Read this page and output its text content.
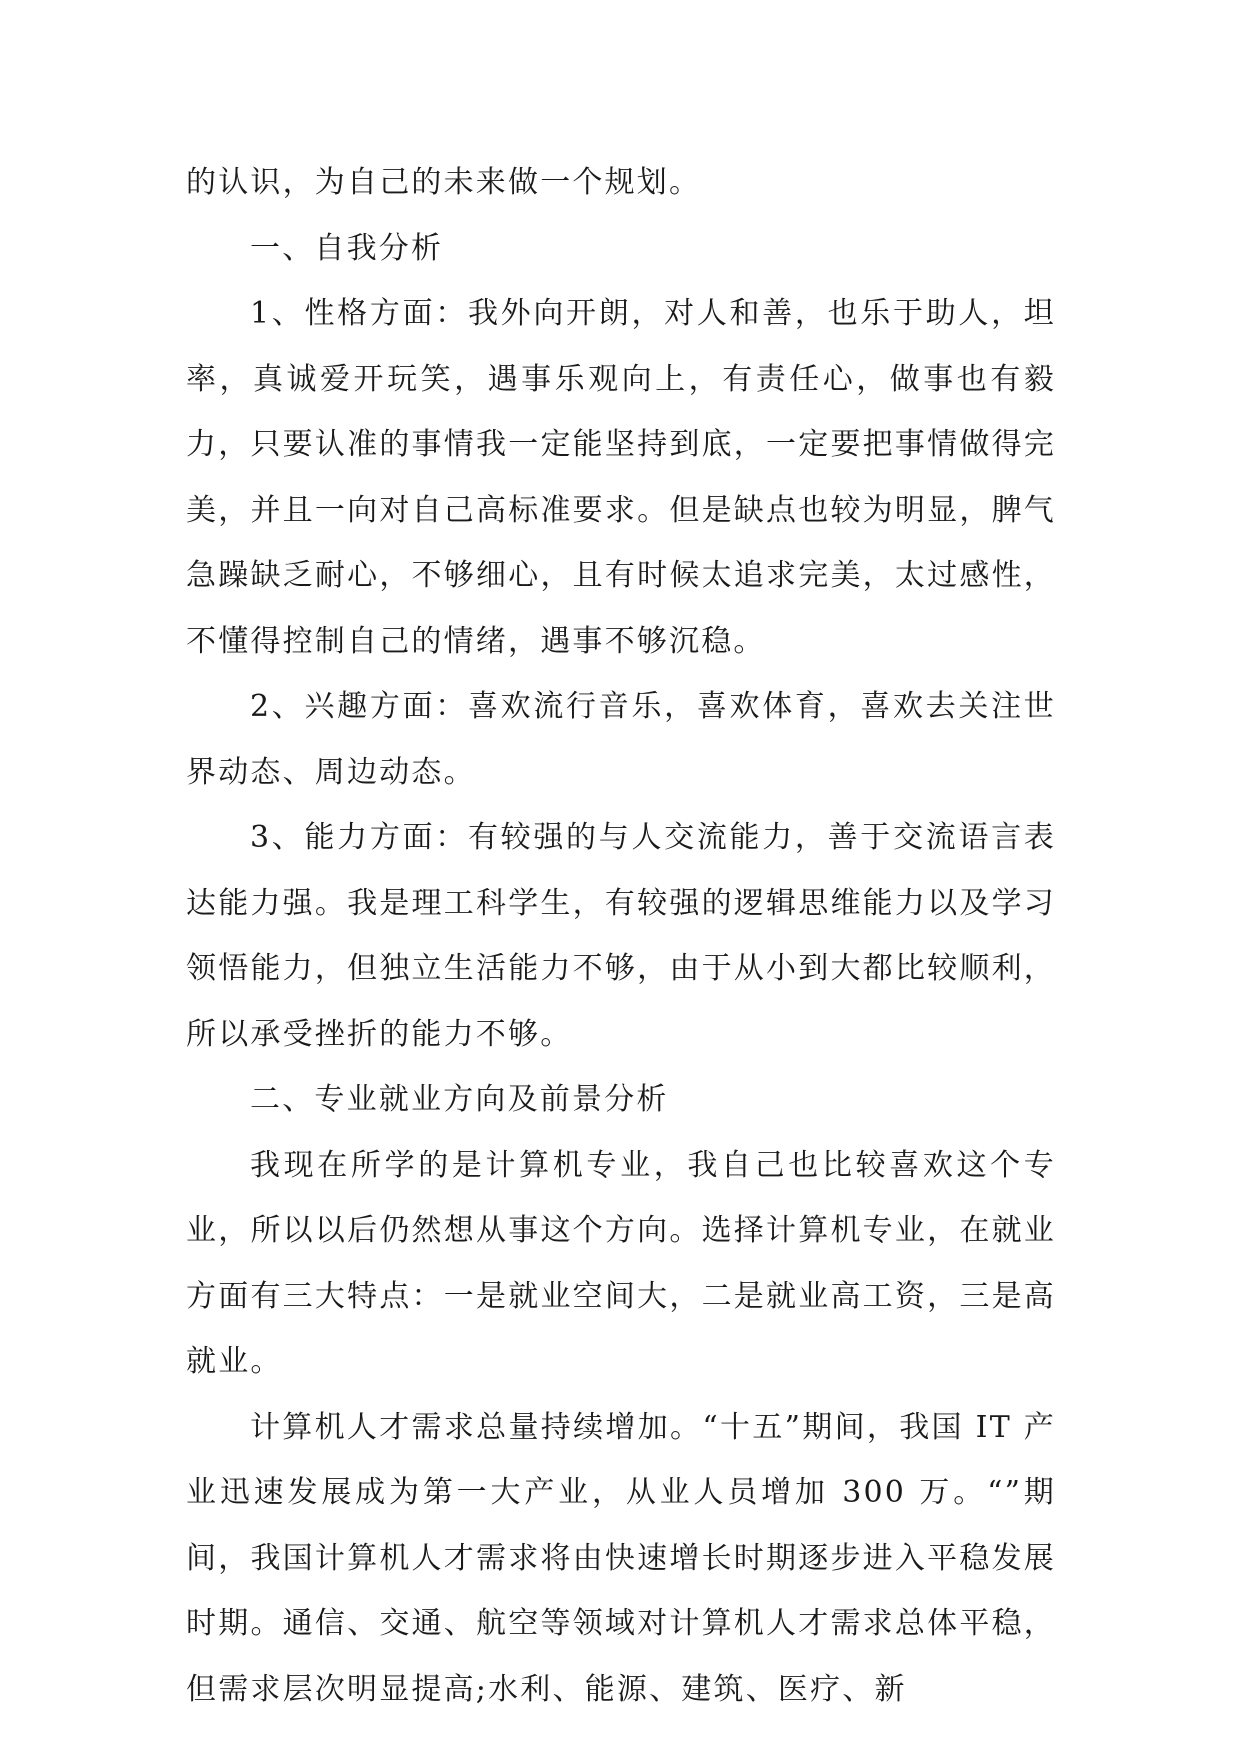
的认识，为自己的未来做一个规划。

一、自我分析

1、性格方面：我外向开朗，对人和善，也乐于助人，坦率，真诚爱开玩笑，遇事乐观向上，有责任心，做事也有毅力，只要认准的事情我一定能坚持到底，一定要把事情做得完美，并且一向对自己高标准要求。但是缺点也较为明显，脾气急躁缺乏耐心，不够细心，且有时候太追求完美，太过感性，不懂得控制自己的情绪，遇事不够沉稳。

2、兴趣方面：喜欢流行音乐，喜欢体育，喜欢去关注世界动态、周边动态。

3、能力方面：有较强的与人交流能力，善于交流语言表达能力强。我是理工科学生，有较强的逻辑思维能力以及学习领悟能力，但独立生活能力不够，由于从小到大都比较顺利，所以承受挫折的能力不够。

二、专业就业方向及前景分析

我现在所学的是计算机专业，我自己也比较喜欢这个专业，所以以后仍然想从事这个方向。选择计算机专业，在就业方面有三大特点：一是就业空间大，二是就业高工资，三是高就业。

计算机人才需求总量持续增加。“十五”期间，我国 IT 产业迅速发展成为第一大产业，从业人员增加 300 万。“”期间，我国计算机人才需求将由快速增长时期逐步进入平稳发展时期。通信、交通、航空等领域对计算机人才需求总体平稳，但需求层次明显提高;水利、能源、建筑、医疗、新
